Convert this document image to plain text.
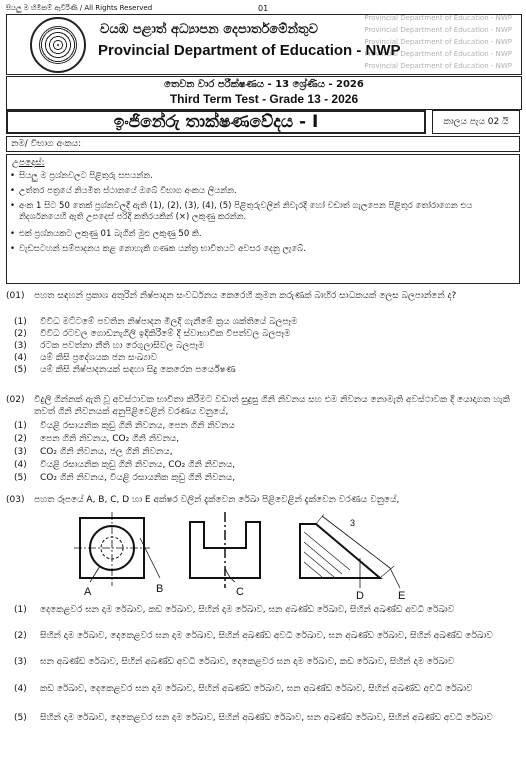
Provincial Department of Education - NWP
Provincial Department of Education - NWP
Provincial Department of Education - NWP
Provincial Department of Education - NWP
Provincial Department of Education - NWP
සියලු ම හිමිකම් ඇවිරිණි / All Rights Reserved	01
වයඹ පළාත් අධ්‍යාපන දෙපාර්තමේන්තුව
Provincial Department of Education - NWP
තෙවන වාර පරීක්ෂණය - 13 ශ්‍රේණිය - 2026
Third Term Test - Grade 13 - 2026
ඉංජිනේරු තාක්ෂණවේදය - I	කාලය පැය 02 යි
නම/ විභාග අංකය:
උපදෙස්:
• සියලු ම ප්‍රශ්නවලට පිළිතුරු සපයන්න.
• උත්තර පත්‍රයේ නියමිත ස්ථානයේ ඔබේ විභාග අංකය ලියන්න.
• අංක 1 සිට 50 තෙක් ප්‍රශ්නවලදී ඇති (1), (2), (3), (4), (5) පිළිතුරුවලින් නිවැරදි හෝ වඩාත් ගැලපෙන පිළිතුර තෝරාගෙන එය නිදර්ශනයෙහි ඇති උපදෙස් පරිදි කතිරයකින් (×) ලකුණු කරන්න.
• එක් ප්‍රශ්නයකට ලකුණු 01 බැගින් මුළු ලකුණු 50 කි.
• වැඩසටහන් සම්පාදනය කළ නොහැකි ගණක යන්ත්‍ර භාවිතයට අවසර දෙනු ලැබේ.
(01) පහත සඳහන් ප්‍රකාශ අතුරින් නිෂ්පාදන සංවර්ධනය කෙරෙහි කුමන කරුණක් බාහිර සාධකයක් ලෙස බලපාන්නේ ද?
(1) විවිධ මට්ටමේ පවතින නිෂ්පාදන මිලදී ගැනීමේ ක්‍රය ශක්තියේ බලපෑම
(2) විවිධ රටවල ගොඩනැගිලි ඉදිකිරීමේ දී ස්වාභාවික විපත්වල බලපෑම
(3) රටක පවත්නා නීති හා රෙගුලාසිවල බලපෑම
(4) යම් කිසි ප්‍රදේශයක ජන සංඛ්‍යාව
(5) යම් කිසි නිෂ්පාදනයක් සඳහා සිදු කෙරෙන පර්යේෂණ
(02) විදුලි ගින්නක් ඇති වූ අවස්ථාවක භාවිතා කිරීමට වඩාත් සුදුසු ගිනි නිවනය සහ එම නිවනය නොමැති අවස්ථාවක දී යොදාගත හැකි තවත් ගිනි නිවනයක් අනුපිළිවෙළින් වරණය වනුයේ,
(1) වියළි රසායනික කුඩු ගිනි නිවනය, පෙන ගිනි නිවනය
(2) පෙන ගිනි නිවනය, CO₂ ගිනි නිවනය,
(3) CO₂ ගිනි නිවනය, ජල ගිනි නිවනය,
(4) වියළි රසායනික කුඩු ගිනි නිවනය, CO₂ ගිනි නිවනය,
(5) CO₂ ගිනි නිවනය, වියළි රසායනික කුඩු ගිනි නිවනය,
(03) පහත රූපයේ A, B, C, D හා E අක්ෂර වලින් දැක්වෙන රේඛා පිළිවෙළින් දැක්වෙන වරණය වනුයේ,
A	B	C	D	E
3
(1) දෙකෙළවර ඝන දාම රේඛාව, කඩ රේඛාව, සිහින් දාම රේඛාව, ඝන අඛණ්ඩ රේඛාව, සිහින් අඛණ්ඩ අවධි රේඛාව
(2) සිහින් දාම රේඛාව, දෙකෙළවර ඝන දාම රේඛාව, සිහින් අඛණ්ඩ අවධි රේඛාව, ඝන අඛණ්ඩ රේඛාව, සිහින් අඛණ්ඩ රේඛාව
(3) ඝන අඛණ්ඩ රේඛාව, සිහින් අඛණ්ඩ අවධි රේඛාව, දෙකෙළවර ඝන දාම රේඛාව, කඩ රේඛාව, සිහින් දාම රේඛාව
(4) කඩ රේඛාව, දෙකෙළවර ඝන දාම රේඛාව, සිහින් අඛණ්ඩ රේඛාව, ඝන අඛණ්ඩ රේඛාව, සිහින් අඛණ්ඩ අවධි රේඛාව
(5) සිහින් දාම රේඛාව, දෙකෙළවර ඝන දාම රේඛාව, සිහින් අඛණ්ඩ රේඛාව, ඝන අඛණ්ඩ රේඛාව, සිහින් අඛණ්ඩ අවධි රේඛාව
